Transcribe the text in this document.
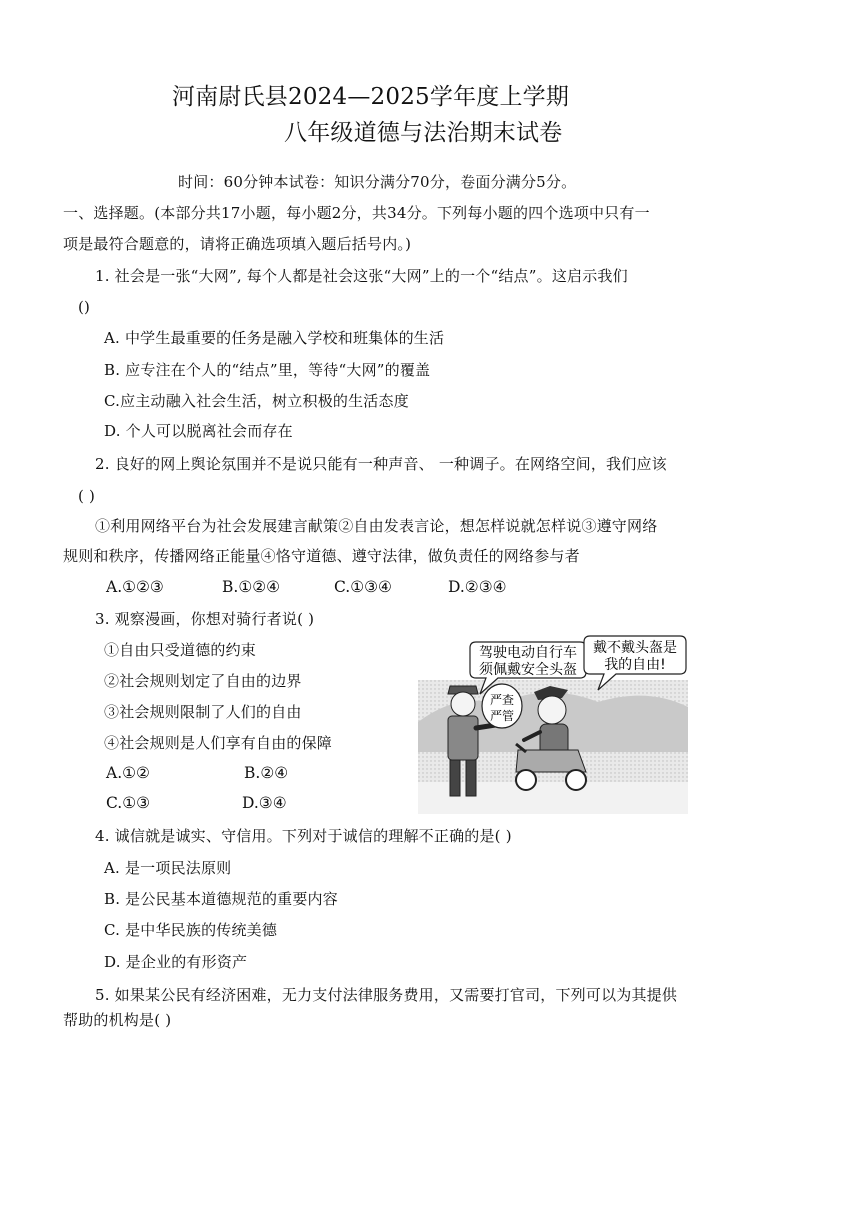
河南尉氏县2024—2025学年度上学期
八年级道德与法治期末试卷
时间：60分钟本试卷：知识分满分70分，卷面分满分5分。
一、选择题。(本部分共17小题，每小题2分，共34分。下列每小题的四个选项中只有一
项是最符合题意的，请将正确选项填入题后括号内。)
1. 社会是一张“大网”, 每个人都是社会这张“大网”上的一个“结点”。这启示我们
()
A. 中学生最重要的任务是融入学校和班集体的生活
B. 应专注在个人的“结点”里，等待“大网”的覆盖
C.应主动融入社会生活，树立积极的生活态度
D. 个人可以脱离社会而存在
2. 良好的网上舆论氛围并不是说只能有一种声音、 一种调子。在网络空间，我们应该
( )
①利用网络平台为社会发展建言献策②自由发表言论，想怎样说就怎样说③遵守网络
规则和秩序，传播网络正能量④恪守道德、遵守法律，做负责任的网络参与者
A.①②③	B.①②④	C.①③④	D.②③④
3. 观察漫画，你想对骑行者说( )
①自由只受道德的约束
②社会规则划定了自由的边界
③社会规则限制了人们的自由
④社会规则是人们享有自由的保障
A.①②	B.②④
C.①③	D.③④
驾驶电动自行车
须佩戴安全头盔
戴不戴头盔是
我的自由!
严查
严管
4. 诚信就是诚实、守信用。下列对于诚信的理解不正确的是( )
A. 是一项民法原则
B. 是公民基本道德规范的重要内容
C. 是中华民族的传统美德
D. 是企业的有形资产
5. 如果某公民有经济困难，无力支付法律服务费用，又需要打官司，下列可以为其提供
帮助的机构是( )
